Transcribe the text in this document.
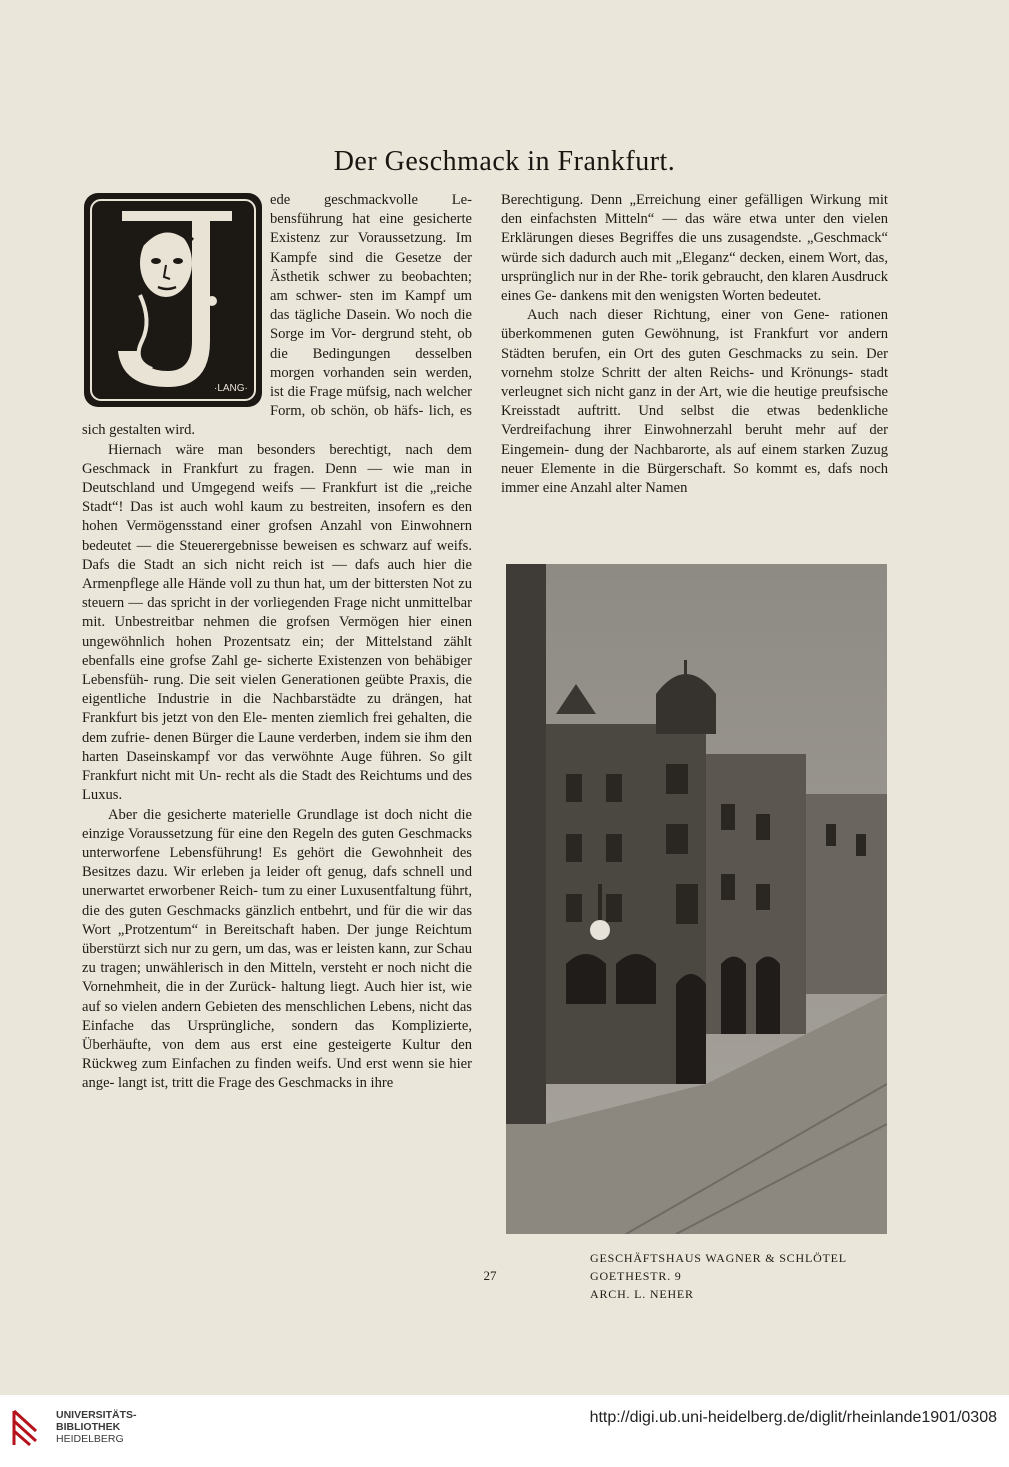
Der Geschmack in Frankfurt.
·LANG·

ede geschmackvolle Le- bensführung hat eine gesicherte Existenz zur Voraussetzung. Im Kampfe sind die Gesetze der Ästhetik schwer zu beobachten; am schwer- sten im Kampf um das tägliche Dasein. Wo noch die Sorge im Vor- dergrund steht, ob die Bedingungen desselben morgen vorhanden sein werden, ist die Frage müfsig, nach welcher Form, ob schön, ob häfs- lich, es sich gestalten wird.

Hiernach wäre man besonders berechtigt, nach dem Geschmack in Frankfurt zu fragen. Denn — wie man in Deutschland und Umgegend weifs — Frankfurt ist die „reiche Stadt“! Das ist auch wohl kaum zu bestreiten, insofern es den hohen Vermögensstand einer grofsen Anzahl von Einwohnern bedeutet — die Steuerergebnisse beweisen es schwarz auf weifs. Dafs die Stadt an sich nicht reich ist — dafs auch hier die Armenpflege alle Hände voll zu thun hat, um der bittersten Not zu steuern — das spricht in der vorliegenden Frage nicht unmittelbar mit. Unbestreitbar nehmen die grofsen Vermögen hier einen ungewöhnlich hohen Prozentsatz ein; der Mittelstand zählt ebenfalls eine grofse Zahl ge- sicherte Existenzen von behäbiger Lebensfüh- rung. Die seit vielen Generationen geübte Praxis, die eigentliche Industrie in die Nachbarstädte zu drängen, hat Frankfurt bis jetzt von den Ele- menten ziemlich frei gehalten, die dem zufrie- denen Bürger die Laune verderben, indem sie ihm den harten Daseinskampf vor das verwöhnte Auge führen. So gilt Frankfurt nicht mit Un- recht als die Stadt des Reichtums und des Luxus.

Aber die gesicherte materielle Grundlage ist doch nicht die einzige Voraussetzung für eine den Regeln des guten Geschmacks unterworfene Lebensführung! Es gehört die Gewohnheit des Besitzes dazu. Wir erleben ja leider oft genug, dafs schnell und unerwartet erworbener Reich- tum zu einer Luxusentfaltung führt, die des guten Geschmacks gänzlich entbehrt, und für die wir das Wort „Protzentum“ in Bereitschaft haben. Der junge Reichtum überstürzt sich nur zu gern, um das, was er leisten kann, zur Schau zu tragen; unwählerisch in den Mitteln, versteht er noch nicht die Vornehmheit, die in der Zurück- haltung liegt. Auch hier ist, wie auf so vielen andern Gebieten des menschlichen Lebens, nicht das Einfache das Ursprüngliche, sondern das Komplizierte, Überhäufte, von dem aus erst eine gesteigerte Kultur den Rückweg zum Einfachen zu finden weifs. Und erst wenn sie hier ange- langt ist, tritt die Frage des Geschmacks in ihre

Berechtigung. Denn „Erreichung einer gefälligen Wirkung mit den einfachsten Mitteln“ — das wäre etwa unter den vielen Erklärungen dieses Begriffes die uns zusagendste. „Geschmack“ würde sich dadurch auch mit „Eleganz“ decken, einem Wort, das, ursprünglich nur in der Rhe- torik gebraucht, den klaren Ausdruck eines Ge- dankens mit den wenigsten Worten bedeutet.

Auch nach dieser Richtung, einer von Gene- rationen überkommenen guten Gewöhnung, ist Frankfurt vor andern Städten berufen, ein Ort des guten Geschmacks zu sein. Der vornehm stolze Schritt der alten Reichs- und Krönungs- stadt verleugnet sich nicht ganz in der Art, wie die heutige preufsische Kreisstadt auftritt. Und selbst die etwas bedenkliche Verdreifachung ihrer Einwohnerzahl beruht mehr auf der Eingemein- dung der Nachbarorte, als auf einem starken Zuzug neuer Elemente in die Bürgerschaft. So kommt es, dafs noch immer eine Anzahl alter Namen

GESCHÄFTSHAUS WAGNER & SCHLÖTEL
GOETHESTR. 9
ARCH. L. NEHER
27
UNIVERSITÄTS-
BIBLIOTHEK
HEIDELBERG
http://digi.ub.uni-heidelberg.de/diglit/rheinlande1901/0308
